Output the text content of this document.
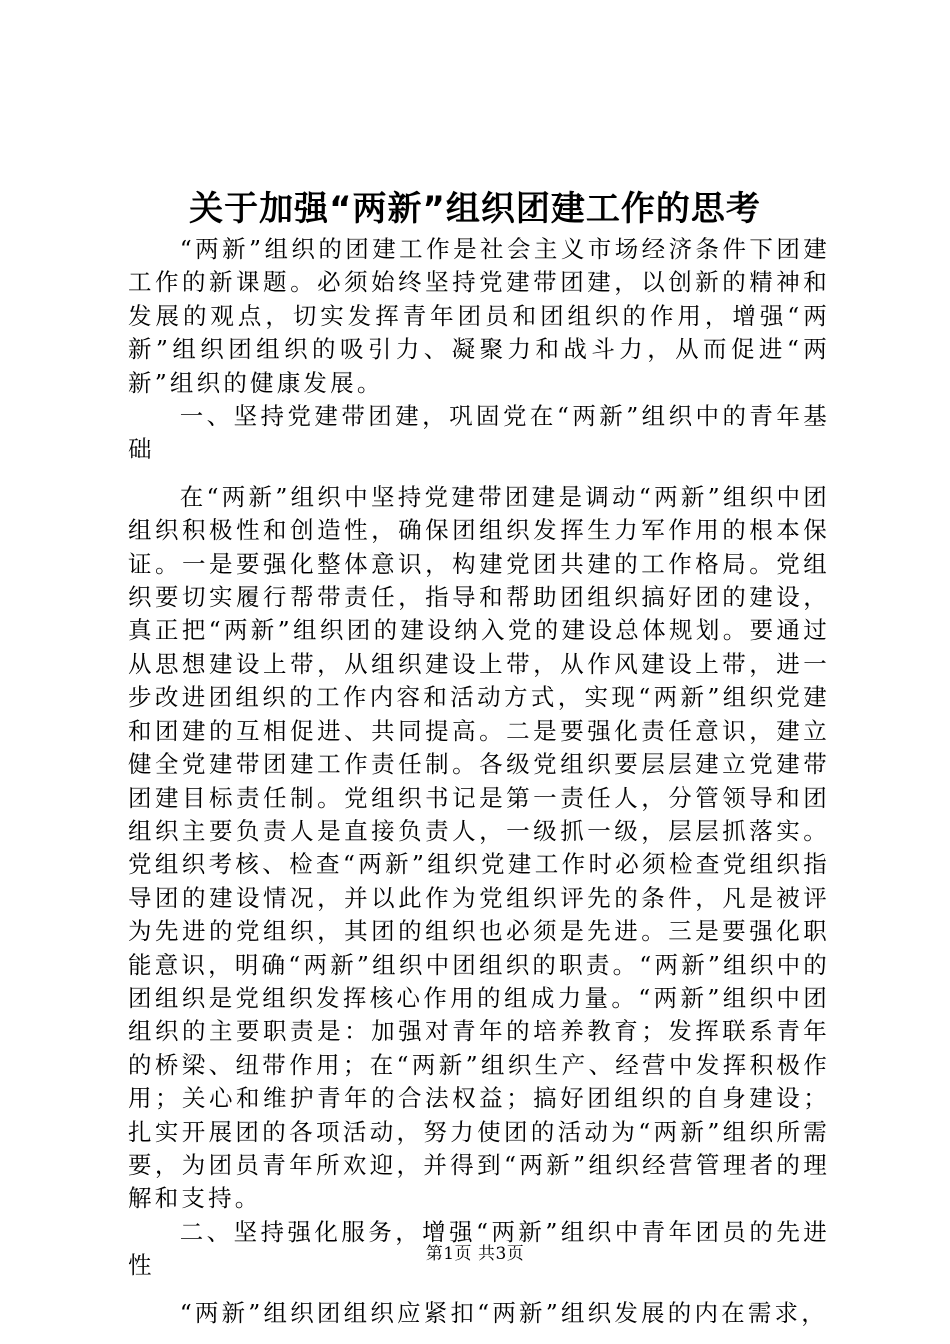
关于加强“两新”组织团建工作的思考

“两新”组织的团建工作是社会主义市场经济条件下团建工作的新课题。必须始终坚持党建带团建，以创新的精神和发展的观点，切实发挥青年团员和团组织的作用，增强“两新”组织团组织的吸引力、凝聚力和战斗力，从而促进“两新”组织的健康发展。

一、坚持党建带团建，巩固党在“两新”组织中的青年基础

在“两新”组织中坚持党建带团建是调动“两新”组织中团组织积极性和创造性，确保团组织发挥生力军作用的根本保证。一是要强化整体意识，构建党团共建的工作格局。党组织要切实履行帮带责任，指导和帮助团组织搞好团的建设，真正把“两新”组织团的建设纳入党的建设总体规划。要通过从思想建设上带，从组织建设上带，从作风建设上带，进一步改进团组织的工作内容和活动方式，实现“两新”组织党建和团建的互相促进、共同提高。二是要强化责任意识，建立健全党建带团建工作责任制。各级党组织要层层建立党建带团建目标责任制。党组织书记是第一责任人，分管领导和团组织主要负责人是直接负责人，一级抓一级，层层抓落实。党组织考核、检查“两新”组织党建工作时必须检查党组织指导团的建设情况，并以此作为党组织评先的条件，凡是被评为先进的党组织，其团的组织也必须是先进。三是要强化职能意识，明确“两新”组织中团组织的职责。“两新”组织中的团组织是党组织发挥核心作用的组成力量。“两新”组织中团组织的主要职责是：加强对青年的培养教育；发挥联系青年的桥梁、纽带作用；在“两新”组织生产、经营中发挥积极作用；关心和维护青年的合法权益；搞好团组织的自身建设；扎实开展团的各项活动，努力使团的活动为“两新”组织所需要，为团员青年所欢迎，并得到“两新”组织经营管理者的理解和支持。

二、坚持强化服务，增强“两新”组织中青年团员的先进性

“两新”组织团组织应紧扣“两新”组织发展的内在需求，

第1页 共3页
